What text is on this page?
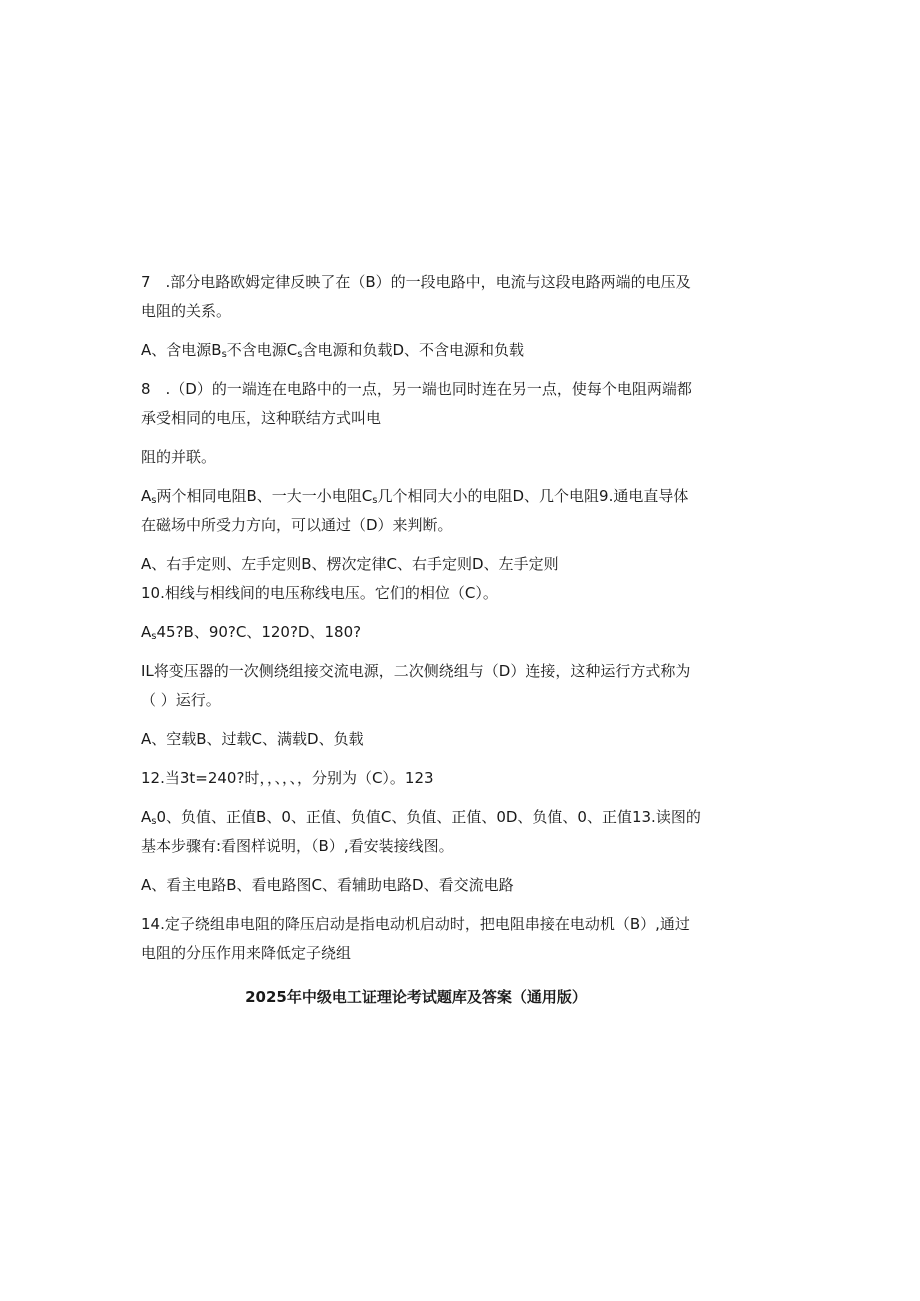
7　.部分电路欧姆定律反映了在（B）的一段电路中，电流与这段电路两端的电压及电阻的关系。

A、含电源$B_s$不含电源$C_s$含电源和负载D、不含电源和负载

8　.（D）的一端连在电路中的一点，另一端也同时连在另一点，使每个电阻两端都承受相同的电压，这种联结方式叫电

阻的并联。

$A_s$两个相同电阻B、一大一小电阻$C_s$几个相同大小的电阻D、几个电阻9.通电直导体在磁场中所受力方向，可以通过（D）来判断。

A、右手定则、左手定则B、楞次定律C、右手定则D、左手定则

10.相线与相线间的电压称线电压。它们的相位（C）。

$A_s45?B$、90?C、120?D、180?

IL将变压器的一次侧绕组接交流电源，二次侧绕组与（D）连接，这种运行方式称为（ ）运行。

A、空载B、过载C、满载D、负载

12.当3t=240?时，，、，、，分别为（C）。123

$A_s0$、负值、正值B、0、正值、负值C、负值、正值、0D、负值、0、正值13.读图的基本步骤有:看图样说明，（B）,看安装接线图。

A、看主电路B、看电路图C、看辅助电路D、看交流电路

14.定子绕组串电阻的降压启动是指电动机启动时，把电阻串接在电动机（B）,通过电阻的分压作用来降低定子绕组

2025年中级电工证理论考试题库及答案（通用版）
